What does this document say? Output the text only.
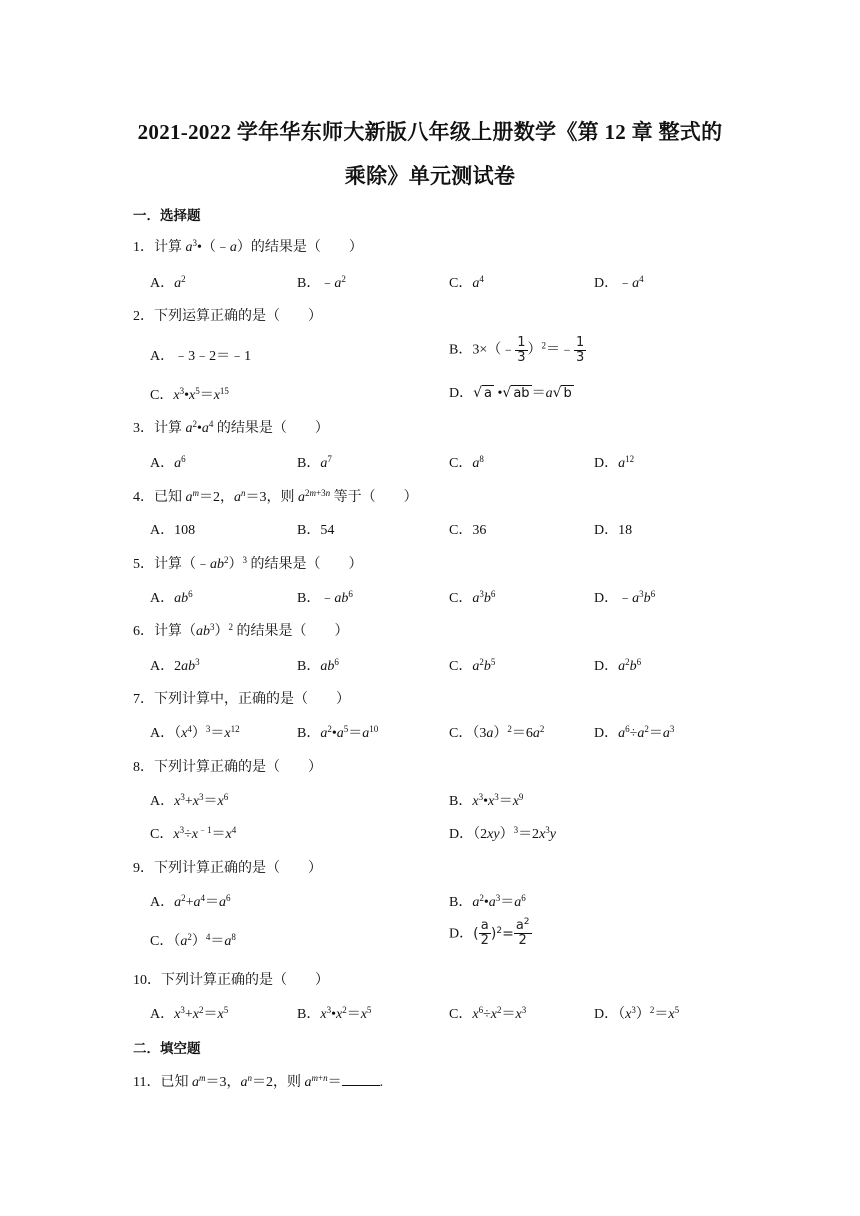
2021-2022 学年华东师大新版八年级上册数学《第 12 章 整式的
乘除》单元测试卷
一．选择题
1．计算 $a^3•(﹣a)$的结果是（　　）
A．$a^2$	B．$﹣a^2$	C．$a^4$	D．$﹣a^4$
2．下列运算正确的是（　　）
A．﹣3﹣2＝﹣1	B．3×（﹣ $\frac{1}{3}$ ）$^2$＝﹣ $\frac{1}{3}$
C．$x^3•x^5=x^{15}$	D．√ a •√ ab ＝a√ b
3．计算 $a^2•a^4$ 的结果是（　　）
A．$a^6$	B．$a^7$	C．$a^8$	D．$a^{12}$
4．已知 $a^m=2$，$a^n=3$，则 $a^{2m+3n}$ 等于（　　）
A．108	B．54	C．36	D．18
5．计算$(﹣ab^2)^3$ 的结果是（　　）
A．$ab^6$	B．$﹣ab^6$	C．$a^3b^6$	D．$﹣a^3b^6$
6．计算$(ab^3)^2$ 的结果是（　　）
A．$2ab^3$	B．$ab^6$	C．$a^2b^5$	D．$a^2b^6$
7．下列计算中，正确的是（　　）
A．$(x^4)^3=x^{12}$	B．$a^2•a^5=a^{10}$	C．$(3a)^2=6a^2$	D．$a^6\div a^2=a^3$
8．下列计算正确的是（　　）
A．$x^3+x^3=x^6$	B．$x^3•x^3=x^9$
C．$x^3\div x^{﹣1}=x^4$	D．$(2xy)^3=2x^3y$
9．下列计算正确的是（　　）
A．$a^2+a^4=a^6$	B．$a^2•a^3=a^6$
C．$(a^2)^4=a^8$	D．( $\frac{a}{2} )^2= \frac{a^2}{2}$
10．下列计算正确的是（　　）
A．$x^3+x^2=x^5$	B．$x^3•x^2=x^5$	C．$x^6\div x^2=x^3$	D．$(x^3)^2=x^5$
二．填空题
11．已知 $a^m=3$，$a^n=2$，则 $a^{m+n}=$	.
